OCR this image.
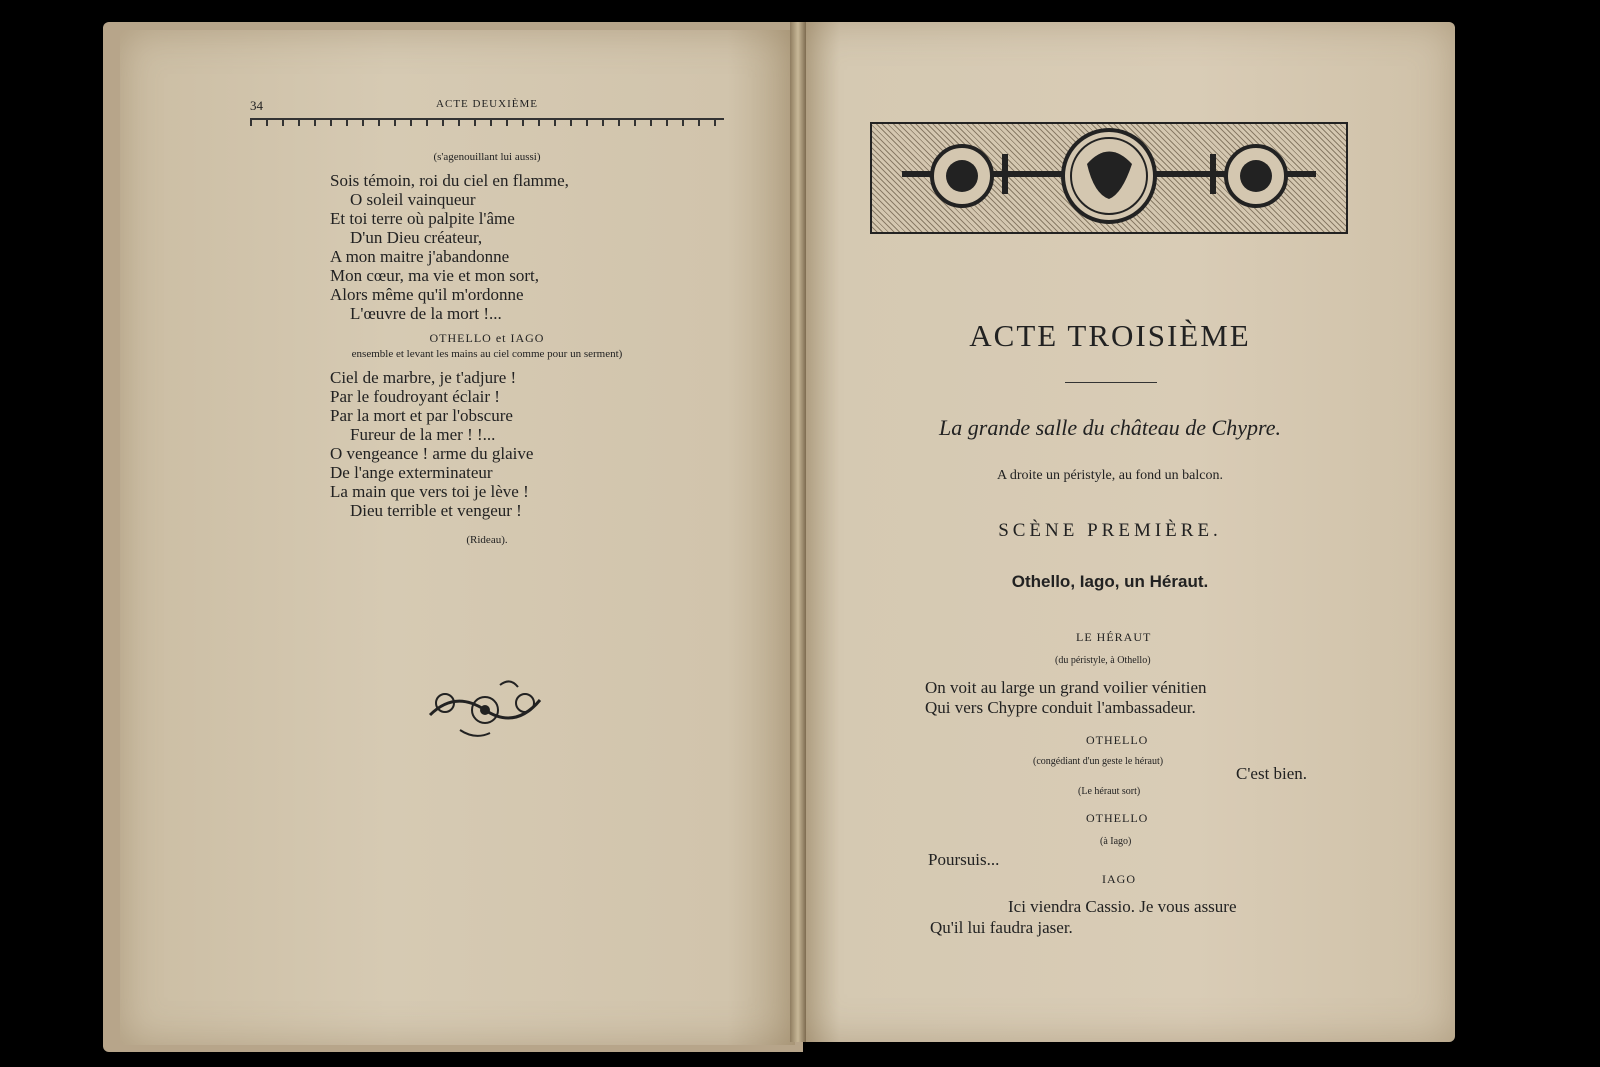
34	ACTE DEUXIÈME
(s'agenouillant lui aussi)
Sois témoin, roi du ciel en flamme,
O soleil vainqueur
Et toi terre où palpite l'âme
D'un Dieu créateur,
A mon maitre j'abandonne
Mon cœur, ma vie et mon sort,
Alors même qu'il m'ordonne
L'œuvre de la mort !...
OTHELLO et IAGO
ensemble et levant les mains au ciel comme pour un serment)
Ciel de marbre, je t'adjure !
Par le foudroyant éclair !
Par la mort et par l'obscure
Fureur de la mer ! !...
O vengeance ! arme du glaive
De l'ange exterminateur
La main que vers toi je lève !
Dieu terrible et vengeur !
(Rideau).
ACTE TROISIÈME
La grande salle du château de Chypre.
A droite un péristyle, au fond un balcon.
SCÈNE PREMIÈRE.
Othello, Iago, un Héraut.
LE HÉRAUT
(du péristyle, à Othello)
On voit au large un grand voilier vénitien
Qui vers Chypre conduit l'ambassadeur.
OTHELLO
(congédiant d'un geste le héraut)
C'est bien.
(Le héraut sort)
OTHELLO
(à Iago)
Poursuis...
IAGO
Ici viendra Cassio. Je vous assure
Qu'il lui faudra jaser.
